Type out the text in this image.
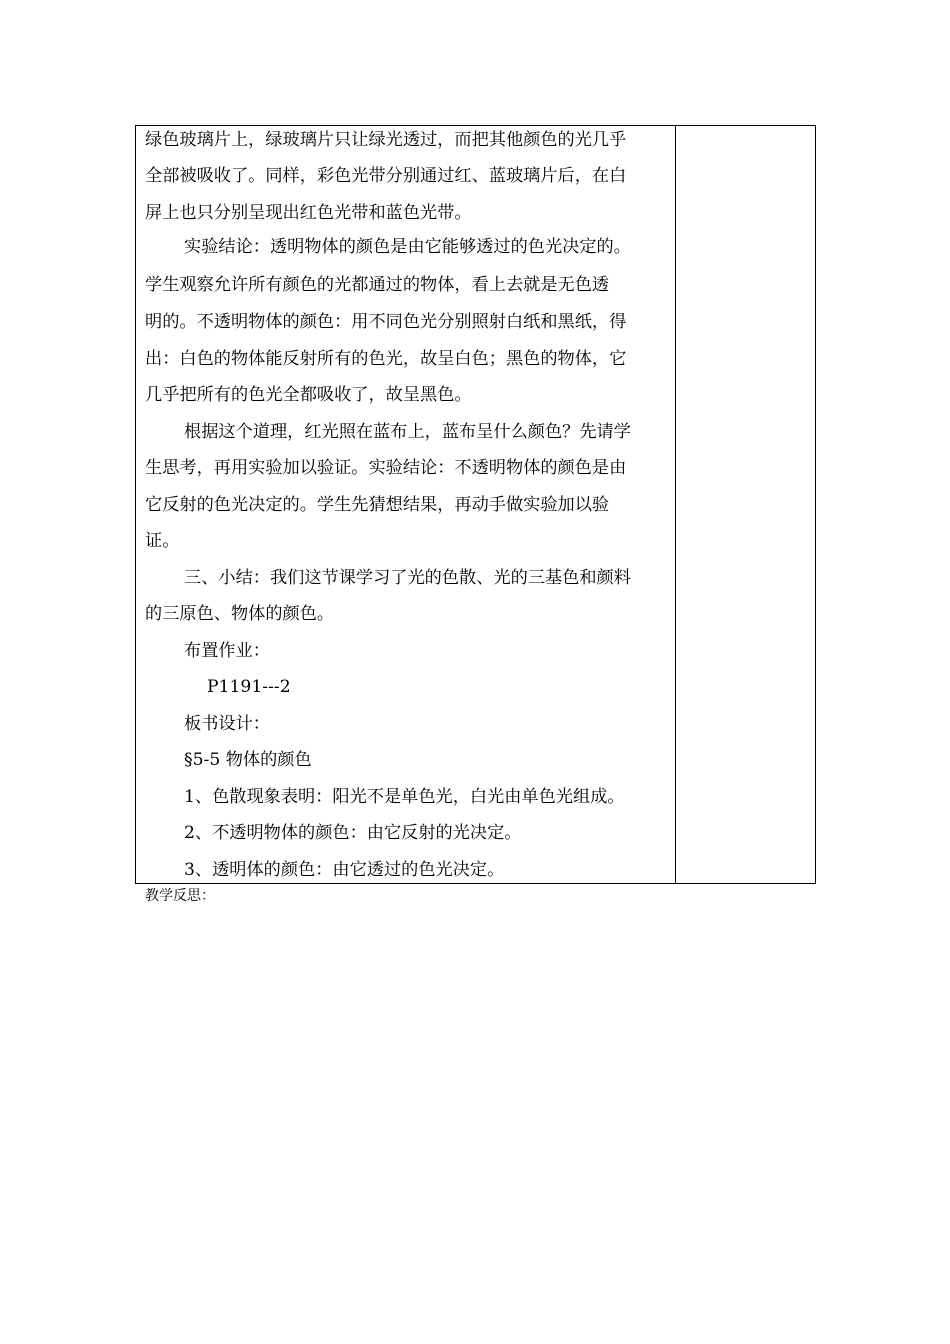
绿色玻璃片上，绿玻璃片只让绿光透过，而把其他颜色的光几乎
全部被吸收了。同样，彩色光带分别通过红、蓝玻璃片后，在白
屏上也只分别呈现出红色光带和蓝色光带。
实验结论：透明物体的颜色是由它能够透过的色光决定的。
学生观察允许所有颜色的光都通过的物体，看上去就是无色透
明的。不透明物体的颜色：用不同色光分别照射白纸和黑纸，得
出：白色的物体能反射所有的色光，故呈白色；黑色的物体，它
几乎把所有的色光全都吸收了，故呈黑色。
根据这个道理，红光照在蓝布上，蓝布呈什么颜色？先请学
生思考，再用实验加以验证。实验结论：不透明物体的颜色是由
它反射的色光决定的。学生先猜想结果，再动手做实验加以验
证。
三、小结：我们这节课学习了光的色散、光的三基色和颜料
的三原色、物体的颜色。
布置作业：
P1191---2
板书设计：
§5-5 物体的颜色
1、色散现象表明：阳光不是单色光，白光由单色光组成。
2、不透明物体的颜色：由它反射的光决定。
3、透明体的颜色：由它透过的色光决定。
教学反思：
